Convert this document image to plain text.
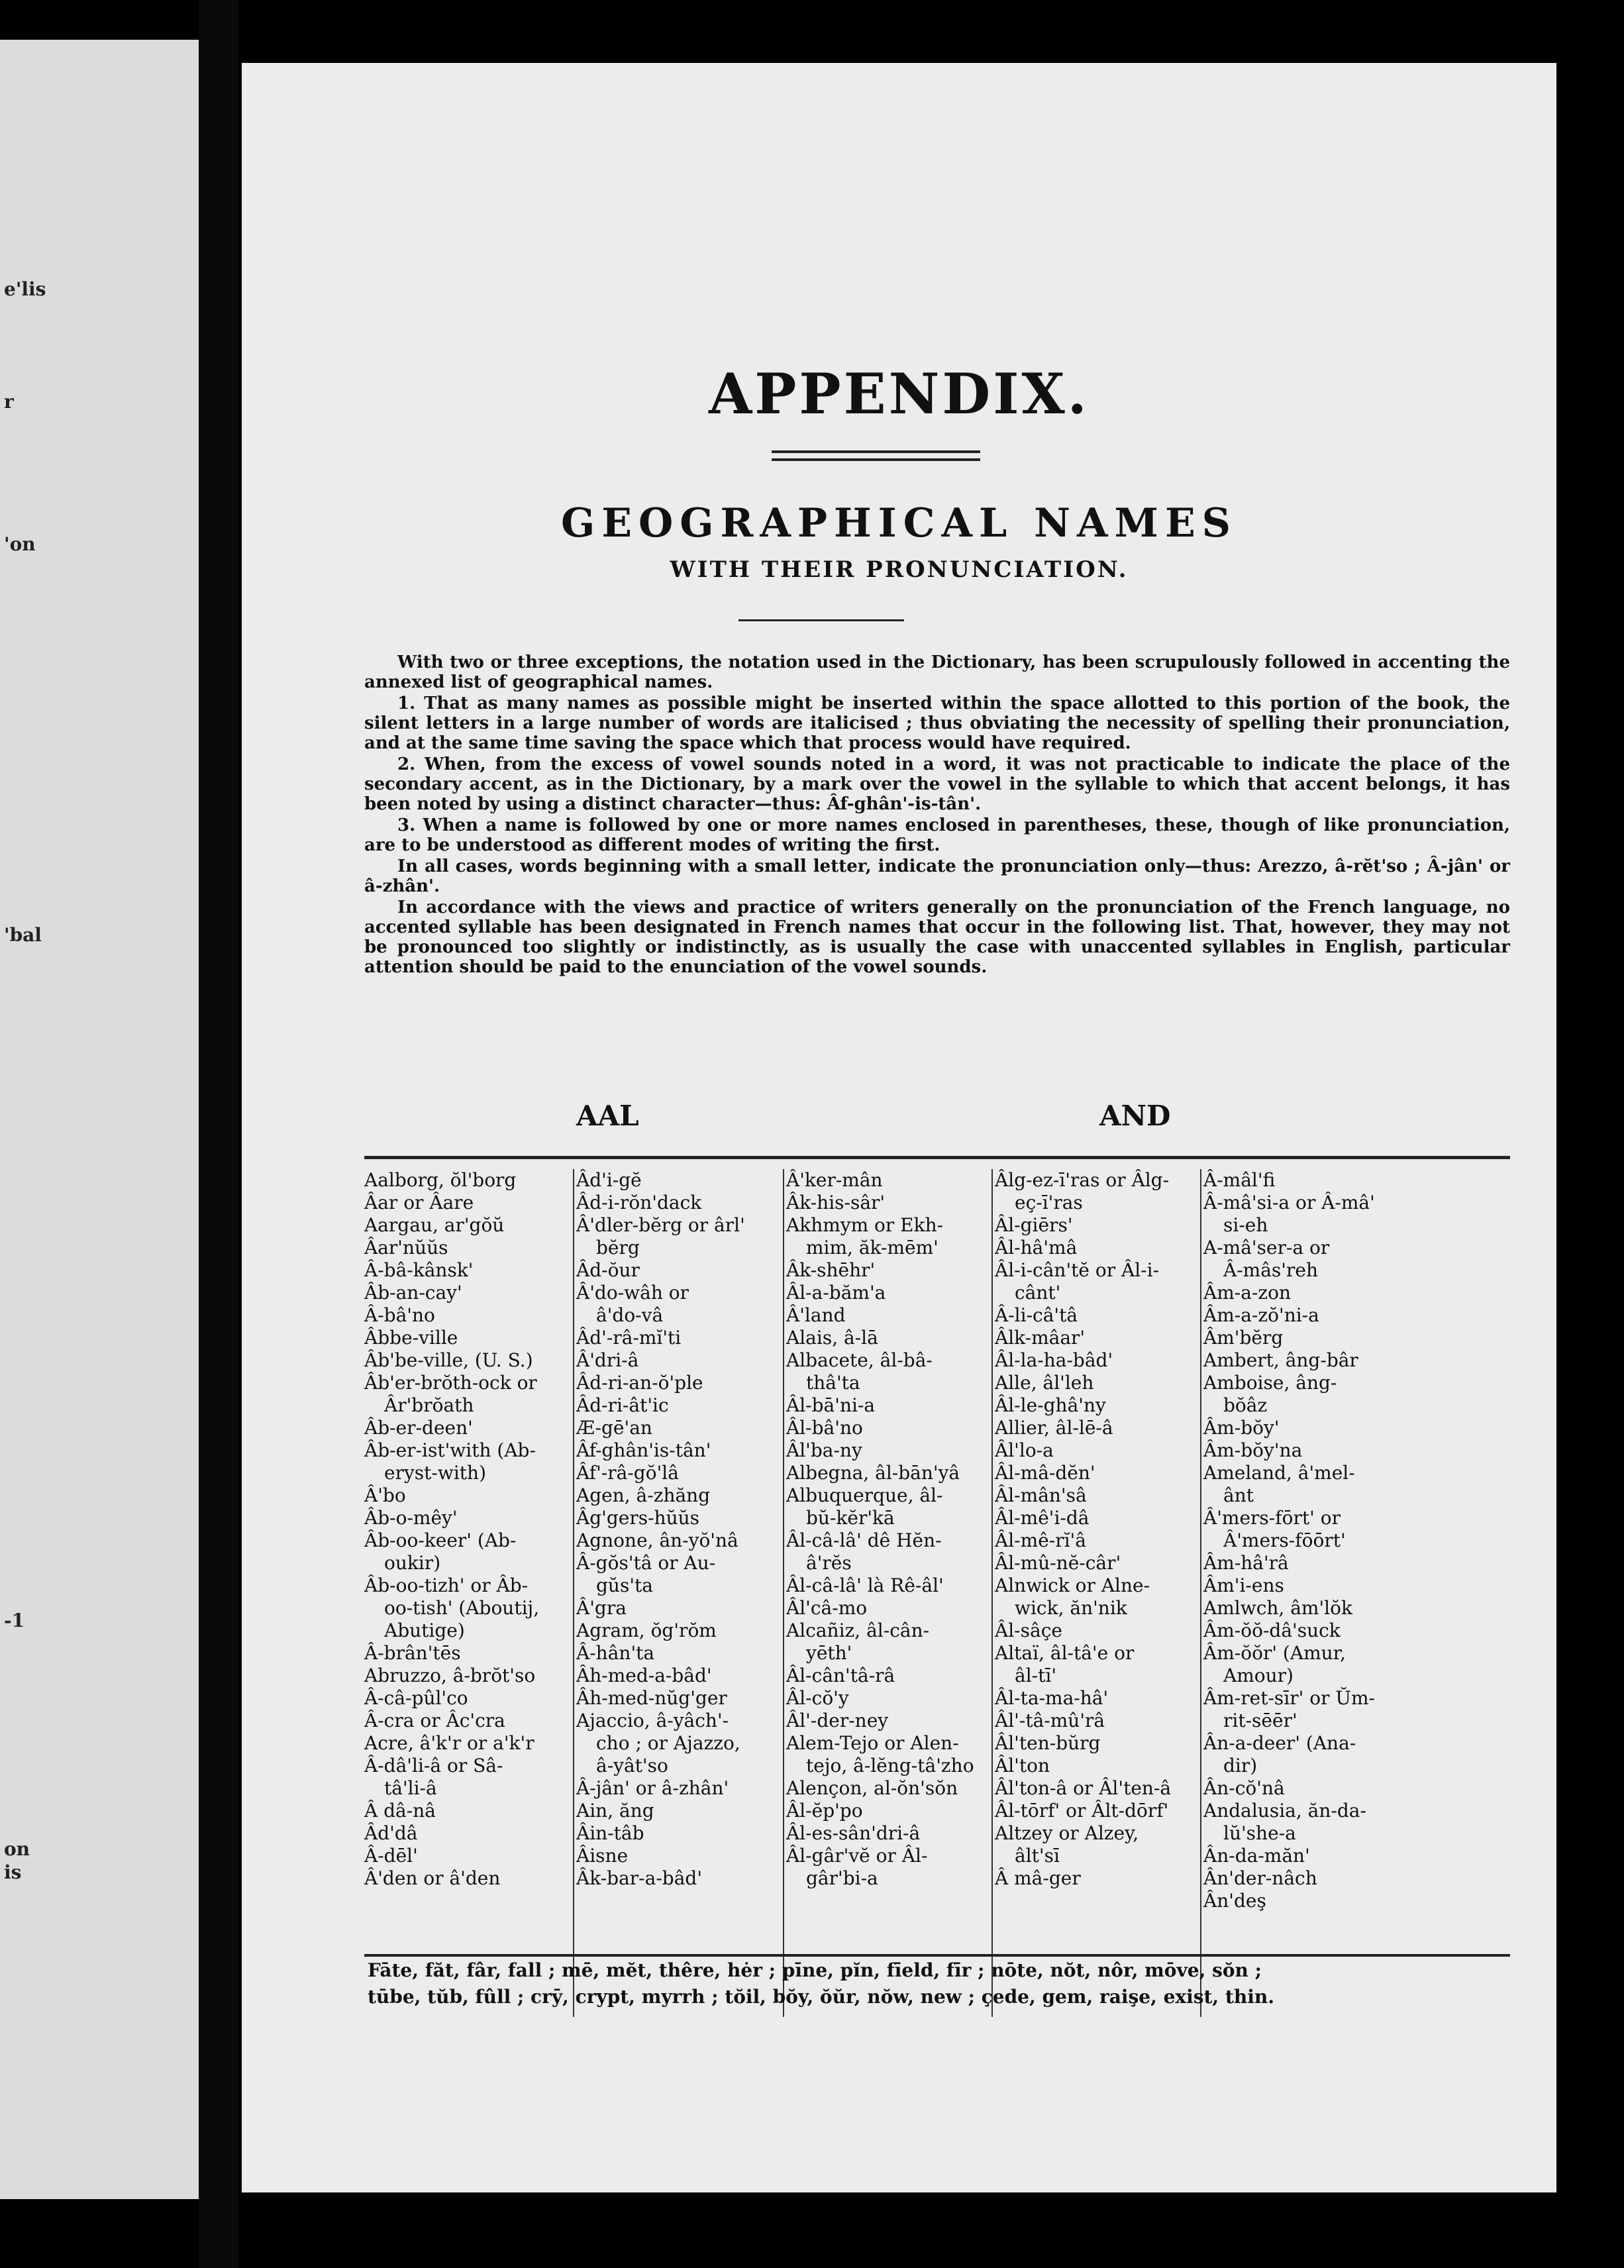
e'lis
r
'on
'bal
-1
on
is
APPENDIX.
GEOGRAPHICAL NAMES
WITH THEIR PRONUNCIATION.

With two or three exceptions, the notation used in the Dictionary, has been scrupulously followed in accenting the annexed list of geographical names.

1. That as many names as possible might be inserted within the space allotted to this portion of the book, the silent letters in a large number of words are italicised ; thus obviating the necessity of spelling their pronunciation, and at the same time saving the space which that process would have required.

2. When, from the excess of vowel sounds noted in a word, it was not practicable to indicate the place of the secondary accent, as in the Dictionary, by a mark over the vowel in the syllable to which that accent belongs, it has been noted by using a distinct character—thus: Âf-ghân'-is-tân'.

3. When a name is followed by one or more names enclosed in parentheses, these, though of like pronunciation, are to be understood as different modes of writing the first.

In all cases, words beginning with a small letter, indicate the pronunciation only—thus: Arezzo, â-rĕt'so ; Â-jân' or â-zhân'.

In accordance with the views and practice of writers generally on the pronunciation of the French language, no accented syllable has been designated in French names that occur in the following list. That, however, they may not be pronounced too slightly or indistinctly, as is usually the case with unaccented syllables in English, particular attention should be paid to the enunciation of the vowel sounds.

AAL	AND
Aalborg, ŏl'borg
Âar or Âare
Aargau, ar'gŏŭ
Âar'nŭŭs
Â-bâ-kânsk'
Âb-an-cay'
Â-bâ'no
Âbbe-ville
Âb'be-ville, (U. S.)
Âb'er-brŏth-ock or
Âr'brŏath
Âb-er-deen'
Âb-er-ist'with (Ab-
eryst-with)
Â'bo
Âb-o-mêy'
Âb-oo-keer' (Ab-
oukir)
Âb-oo-tizh' or Âb-
oo-tish' (Aboutij,
Abutige)
Â-brân'tēs
Abruzzo, â-brŏt'so
Â-câ-pûl'co
Â-cra or Âc'cra
Acre, â'k'r or a'k'r
Â-dâ'li-â or Sâ-
tâ'li-â
Â dâ-nâ
Âd'dâ
Â-dēl'
Â'den or â'den
Âd'i-gĕ
Âd-i-rŏn'dack
Â'dler-bĕrg or ârl'
bĕrg
Âd-ŏur
Â'do-wâh or
â'do-vâ
Âd'-râ-mĭ'ti
Â'dri-â
Âd-ri-an-ŏ'ple
Âd-ri-ât'ic
Æ-gē'an
Âf-ghân'is-tân'
Âf'-râ-gŏ'lâ
Agen, â-zhăng
Âg'gers-hŭŭs
Agnone, ân-yŏ'nâ
Â-gŏs'tâ or Au-
gŭs'ta
Â'gra
Agram, ŏg'rŏm
Â-hân'ta
Âh-med-a-bâd'
Âh-med-nŭg'ger
Ajaccio, â-yâch'-
cho ; or Ajazzo,
â-yât'so
Â-jân' or â-zhân'
Ain, ăng
Âin-tâb
Âisne
Âk-bar-a-bâd'
Â'ker-mân
Âk-his-sâr'
Akhmym or Ekh-
mim, ăk-mēm'
Âk-shēhr'
Âl-a-băm'a
Â'land
Alais, â-lā
Albacete, âl-bâ-
thâ'ta
Âl-bā'ni-a
Âl-bâ'no
Âl'ba-ny
Albegna, âl-bān'yâ
Albuquerque, âl-
bŭ-kĕr'kā
Âl-câ-lâ' dê Hĕn-
â'rĕs
Âl-câ-lâ' là Rê-âl'
Âl'câ-mo
Alcañiz, âl-cân-
yēth'
Âl-cân'tâ-râ
Âl-cŏ'y
Âl'-der-ney
Alem-Tejo or Alen-
tejo, â-lĕng-tâ'zho
Alençon, al-ŏn'sŏn
Âl-ĕp'po
Âl-es-sân'dri-â
Âl-gâr'vĕ or Âl-
gâr'bi-a
Âlg-ez-ī'ras or Âlg-
eç-ī'ras
Âl-giērs'
Âl-hâ'mâ
Âl-i-cân'tĕ or Âl-i-
cânt'
Â-li-câ'tâ
Âlk-mâar'
Âl-la-ha-bâd'
Alle, âl'leh
Âl-le-ghâ'ny
Allier, âl-lē-â
Âl'lo-a
Âl-mâ-dĕn'
Âl-mân'sâ
Âl-mê'i-dâ
Âl-mê-rĭ'â
Âl-mû-nĕ-câr'
Alnwick or Alne-
wick, ăn'nik
Âl-sâçe
Altaï, âl-tâ'e or
âl-tī'
Âl-ta-ma-hâ'
Âl'-tâ-mû'râ
Âl'ten-bŭrg
Âl'ton
Âl'ton-â or Âl'ten-â
Âl-tōrf' or Âlt-dōrf'
Altzey or Alzey,
âlt'sī
Â mâ-ger
Â-mâl'fi
Â-mâ'si-a or Â-mâ'
si-eh
A-mâ'ser-a or
Â-mâs'reh
Âm-a-zon
Âm-a-zŏ'ni-a
Âm'bĕrg
Ambert, âng-bâr
Amboise, âng-
bŏâz
Âm-bŏy'
Âm-bŏy'na
Ameland, â'mel-
ânt
Â'mers-fōrt' or
Â'mers-fōōrt'
Âm-hâ'râ
Âm'i-ens
Amlwch, âm'lŏk
Âm-ŏŏ-dâ'suck
Âm-ŏŏr' (Amur,
Amour)
Âm-ret-sīr' or Ŭm-
rit-sēēr'
Ân-a-deer' (Ana-
dir)
Ân-cŏ'nâ
Andalusia, ăn-da-
lŭ'she-a
Ân-da-măn'
Ân'der-nâch
Ân'deş
Fāte, făt, fâr, fall ; mē, mĕt, thêre, hėr ; pīne, pĭn, fīeld, fīr ; nōte, nŏt, nôr, mōve, sŏn ;
tūbe, tŭb, fûll ; crȳ, crypt, myrrh ; tŏil, bŏy, ŏŭr, nŏw, new ; çede, gem, raişe, exist, thin.
